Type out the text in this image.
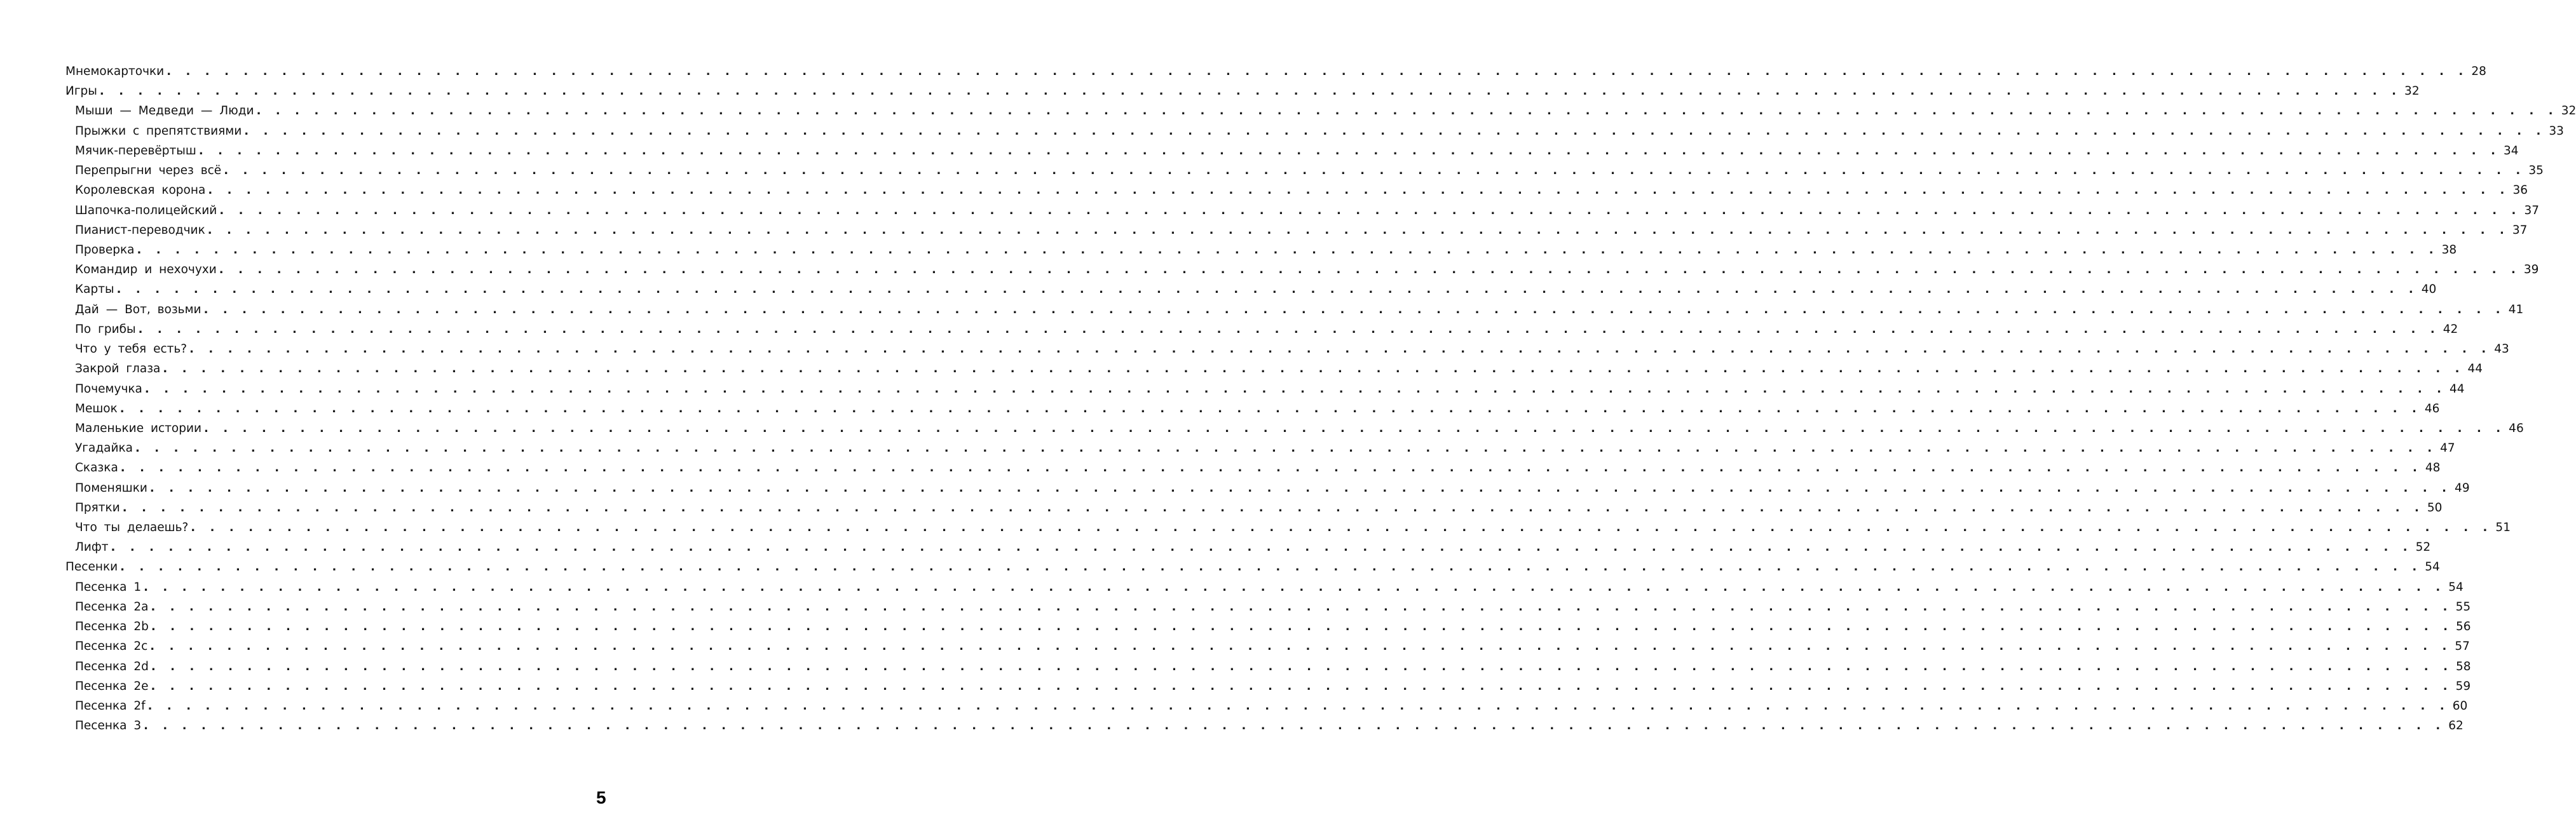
Мнемокарточки . . . . . . . . . . . . . . . . . . . . . . . . . . . . . . . . . . . . . . . . . . . . . . . . . . . . . . . . . . . . . . . . . . . . . . . . . . . . . . . . . . . . . . . . . . . . . . . . . . . . . . . . . . . . . . . . . . . . . . . . 28
Игры . . . . . . . . . . . . . . . . . . . . . . . . . . . . . . . . . . . . . . . . . . . . . . . . . . . . . . . . . . . . . . . . . . . . . . . . . . . . . . . . . . . . . . . . . . . . . . . . . . . . . . . . . . . . . . . . . . . . . . . . 32
Мыши — Медведи — Люди . . . . . . . . . . . . . . . . . . . . . . . . . . . . . . . . . . . . . . . . . . . . . . . . . . . . . . . . . . . . . . . . . . . . . . . . . . . . . . . . . . . . . . . . . . . . . . . . . . . . . . . . . . . . . . . . . . . . . . . . 32
Прыжки с препятствиями . . . . . . . . . . . . . . . . . . . . . . . . . . . . . . . . . . . . . . . . . . . . . . . . . . . . . . . . . . . . . . . . . . . . . . . . . . . . . . . . . . . . . . . . . . . . . . . . . . . . . . . . . . . . . . . . . . . . . . . . 33
Мячик-перевёртыш . . . . . . . . . . . . . . . . . . . . . . . . . . . . . . . . . . . . . . . . . . . . . . . . . . . . . . . . . . . . . . . . . . . . . . . . . . . . . . . . . . . . . . . . . . . . . . . . . . . . . . . . . . . . . . . . . . . . . . . . 34
Перепрыгни через всё . . . . . . . . . . . . . . . . . . . . . . . . . . . . . . . . . . . . . . . . . . . . . . . . . . . . . . . . . . . . . . . . . . . . . . . . . . . . . . . . . . . . . . . . . . . . . . . . . . . . . . . . . . . . . . . . . . . . . . . . 35
Королевская корона . . . . . . . . . . . . . . . . . . . . . . . . . . . . . . . . . . . . . . . . . . . . . . . . . . . . . . . . . . . . . . . . . . . . . . . . . . . . . . . . . . . . . . . . . . . . . . . . . . . . . . . . . . . . . . . . . . . . . . . . 36
Шапочка-полицейский . . . . . . . . . . . . . . . . . . . . . . . . . . . . . . . . . . . . . . . . . . . . . . . . . . . . . . . . . . . . . . . . . . . . . . . . . . . . . . . . . . . . . . . . . . . . . . . . . . . . . . . . . . . . . . . . . . . . . . . . 37
Пианист-переводчик . . . . . . . . . . . . . . . . . . . . . . . . . . . . . . . . . . . . . . . . . . . . . . . . . . . . . . . . . . . . . . . . . . . . . . . . . . . . . . . . . . . . . . . . . . . . . . . . . . . . . . . . . . . . . . . . . . . . . . . . 37
Проверка . . . . . . . . . . . . . . . . . . . . . . . . . . . . . . . . . . . . . . . . . . . . . . . . . . . . . . . . . . . . . . . . . . . . . . . . . . . . . . . . . . . . . . . . . . . . . . . . . . . . . . . . . . . . . . . . . . . . . . . . 38
Командир и нехочухи . . . . . . . . . . . . . . . . . . . . . . . . . . . . . . . . . . . . . . . . . . . . . . . . . . . . . . . . . . . . . . . . . . . . . . . . . . . . . . . . . . . . . . . . . . . . . . . . . . . . . . . . . . . . . . . . . . . . . . . . 39
Карты . . . . . . . . . . . . . . . . . . . . . . . . . . . . . . . . . . . . . . . . . . . . . . . . . . . . . . . . . . . . . . . . . . . . . . . . . . . . . . . . . . . . . . . . . . . . . . . . . . . . . . . . . . . . . . . . . . . . . . . . 40
Дай — Вот, возьми . . . . . . . . . . . . . . . . . . . . . . . . . . . . . . . . . . . . . . . . . . . . . . . . . . . . . . . . . . . . . . . . . . . . . . . . . . . . . . . . . . . . . . . . . . . . . . . . . . . . . . . . . . . . . . . . . . . . . . . . 41
По грибы . . . . . . . . . . . . . . . . . . . . . . . . . . . . . . . . . . . . . . . . . . . . . . . . . . . . . . . . . . . . . . . . . . . . . . . . . . . . . . . . . . . . . . . . . . . . . . . . . . . . . . . . . . . . . . . . . . . . . . . . 42
Что у тебя есть? . . . . . . . . . . . . . . . . . . . . . . . . . . . . . . . . . . . . . . . . . . . . . . . . . . . . . . . . . . . . . . . . . . . . . . . . . . . . . . . . . . . . . . . . . . . . . . . . . . . . . . . . . . . . . . . . . . . . . . . . 43
Закрой глаза . . . . . . . . . . . . . . . . . . . . . . . . . . . . . . . . . . . . . . . . . . . . . . . . . . . . . . . . . . . . . . . . . . . . . . . . . . . . . . . . . . . . . . . . . . . . . . . . . . . . . . . . . . . . . . . . . . . . . . . . 44
Почемучка . . . . . . . . . . . . . . . . . . . . . . . . . . . . . . . . . . . . . . . . . . . . . . . . . . . . . . . . . . . . . . . . . . . . . . . . . . . . . . . . . . . . . . . . . . . . . . . . . . . . . . . . . . . . . . . . . . . . . . . . 44
Мешок . . . . . . . . . . . . . . . . . . . . . . . . . . . . . . . . . . . . . . . . . . . . . . . . . . . . . . . . . . . . . . . . . . . . . . . . . . . . . . . . . . . . . . . . . . . . . . . . . . . . . . . . . . . . . . . . . . . . . . . . 46
Маленькие истории . . . . . . . . . . . . . . . . . . . . . . . . . . . . . . . . . . . . . . . . . . . . . . . . . . . . . . . . . . . . . . . . . . . . . . . . . . . . . . . . . . . . . . . . . . . . . . . . . . . . . . . . . . . . . . . . . . . . . . . . 46
Угадайка . . . . . . . . . . . . . . . . . . . . . . . . . . . . . . . . . . . . . . . . . . . . . . . . . . . . . . . . . . . . . . . . . . . . . . . . . . . . . . . . . . . . . . . . . . . . . . . . . . . . . . . . . . . . . . . . . . . . . . . . 47
Сказка . . . . . . . . . . . . . . . . . . . . . . . . . . . . . . . . . . . . . . . . . . . . . . . . . . . . . . . . . . . . . . . . . . . . . . . . . . . . . . . . . . . . . . . . . . . . . . . . . . . . . . . . . . . . . . . . . . . . . . . . 48
Поменяшки . . . . . . . . . . . . . . . . . . . . . . . . . . . . . . . . . . . . . . . . . . . . . . . . . . . . . . . . . . . . . . . . . . . . . . . . . . . . . . . . . . . . . . . . . . . . . . . . . . . . . . . . . . . . . . . . . . . . . . . . 49
Прятки . . . . . . . . . . . . . . . . . . . . . . . . . . . . . . . . . . . . . . . . . . . . . . . . . . . . . . . . . . . . . . . . . . . . . . . . . . . . . . . . . . . . . . . . . . . . . . . . . . . . . . . . . . . . . . . . . . . . . . . . 50
Что ты делаешь? . . . . . . . . . . . . . . . . . . . . . . . . . . . . . . . . . . . . . . . . . . . . . . . . . . . . . . . . . . . . . . . . . . . . . . . . . . . . . . . . . . . . . . . . . . . . . . . . . . . . . . . . . . . . . . . . . . . . . . . . 51
Лифт . . . . . . . . . . . . . . . . . . . . . . . . . . . . . . . . . . . . . . . . . . . . . . . . . . . . . . . . . . . . . . . . . . . . . . . . . . . . . . . . . . . . . . . . . . . . . . . . . . . . . . . . . . . . . . . . . . . . . . . . 52
Песенки . . . . . . . . . . . . . . . . . . . . . . . . . . . . . . . . . . . . . . . . . . . . . . . . . . . . . . . . . . . . . . . . . . . . . . . . . . . . . . . . . . . . . . . . . . . . . . . . . . . . . . . . . . . . . . . . . . . . . . . . 54
Песенка 1 . . . . . . . . . . . . . . . . . . . . . . . . . . . . . . . . . . . . . . . . . . . . . . . . . . . . . . . . . . . . . . . . . . . . . . . . . . . . . . . . . . . . . . . . . . . . . . . . . . . . . . . . . . . . . . . . . . . . . . . . 54
Песенка 2а . . . . . . . . . . . . . . . . . . . . . . . . . . . . . . . . . . . . . . . . . . . . . . . . . . . . . . . . . . . . . . . . . . . . . . . . . . . . . . . . . . . . . . . . . . . . . . . . . . . . . . . . . . . . . . . . . . . . . . . . 55
Песенка 2b . . . . . . . . . . . . . . . . . . . . . . . . . . . . . . . . . . . . . . . . . . . . . . . . . . . . . . . . . . . . . . . . . . . . . . . . . . . . . . . . . . . . . . . . . . . . . . . . . . . . . . . . . . . . . . . . . . . . . . . . 56
Песенка 2с . . . . . . . . . . . . . . . . . . . . . . . . . . . . . . . . . . . . . . . . . . . . . . . . . . . . . . . . . . . . . . . . . . . . . . . . . . . . . . . . . . . . . . . . . . . . . . . . . . . . . . . . . . . . . . . . . . . . . . . . 57
Песенка 2d . . . . . . . . . . . . . . . . . . . . . . . . . . . . . . . . . . . . . . . . . . . . . . . . . . . . . . . . . . . . . . . . . . . . . . . . . . . . . . . . . . . . . . . . . . . . . . . . . . . . . . . . . . . . . . . . . . . . . . . . 58
Песенка 2е . . . . . . . . . . . . . . . . . . . . . . . . . . . . . . . . . . . . . . . . . . . . . . . . . . . . . . . . . . . . . . . . . . . . . . . . . . . . . . . . . . . . . . . . . . . . . . . . . . . . . . . . . . . . . . . . . . . . . . . . 59
Песенка 2f . . . . . . . . . . . . . . . . . . . . . . . . . . . . . . . . . . . . . . . . . . . . . . . . . . . . . . . . . . . . . . . . . . . . . . . . . . . . . . . . . . . . . . . . . . . . . . . . . . . . . . . . . . . . . . . . . . . . . . . . 60
Песенка 3 . . . . . . . . . . . . . . . . . . . . . . . . . . . . . . . . . . . . . . . . . . . . . . . . . . . . . . . . . . . . . . . . . . . . . . . . . . . . . . . . . . . . . . . . . . . . . . . . . . . . . . . . . . . . . . . . . . . . . . . . 62
5
